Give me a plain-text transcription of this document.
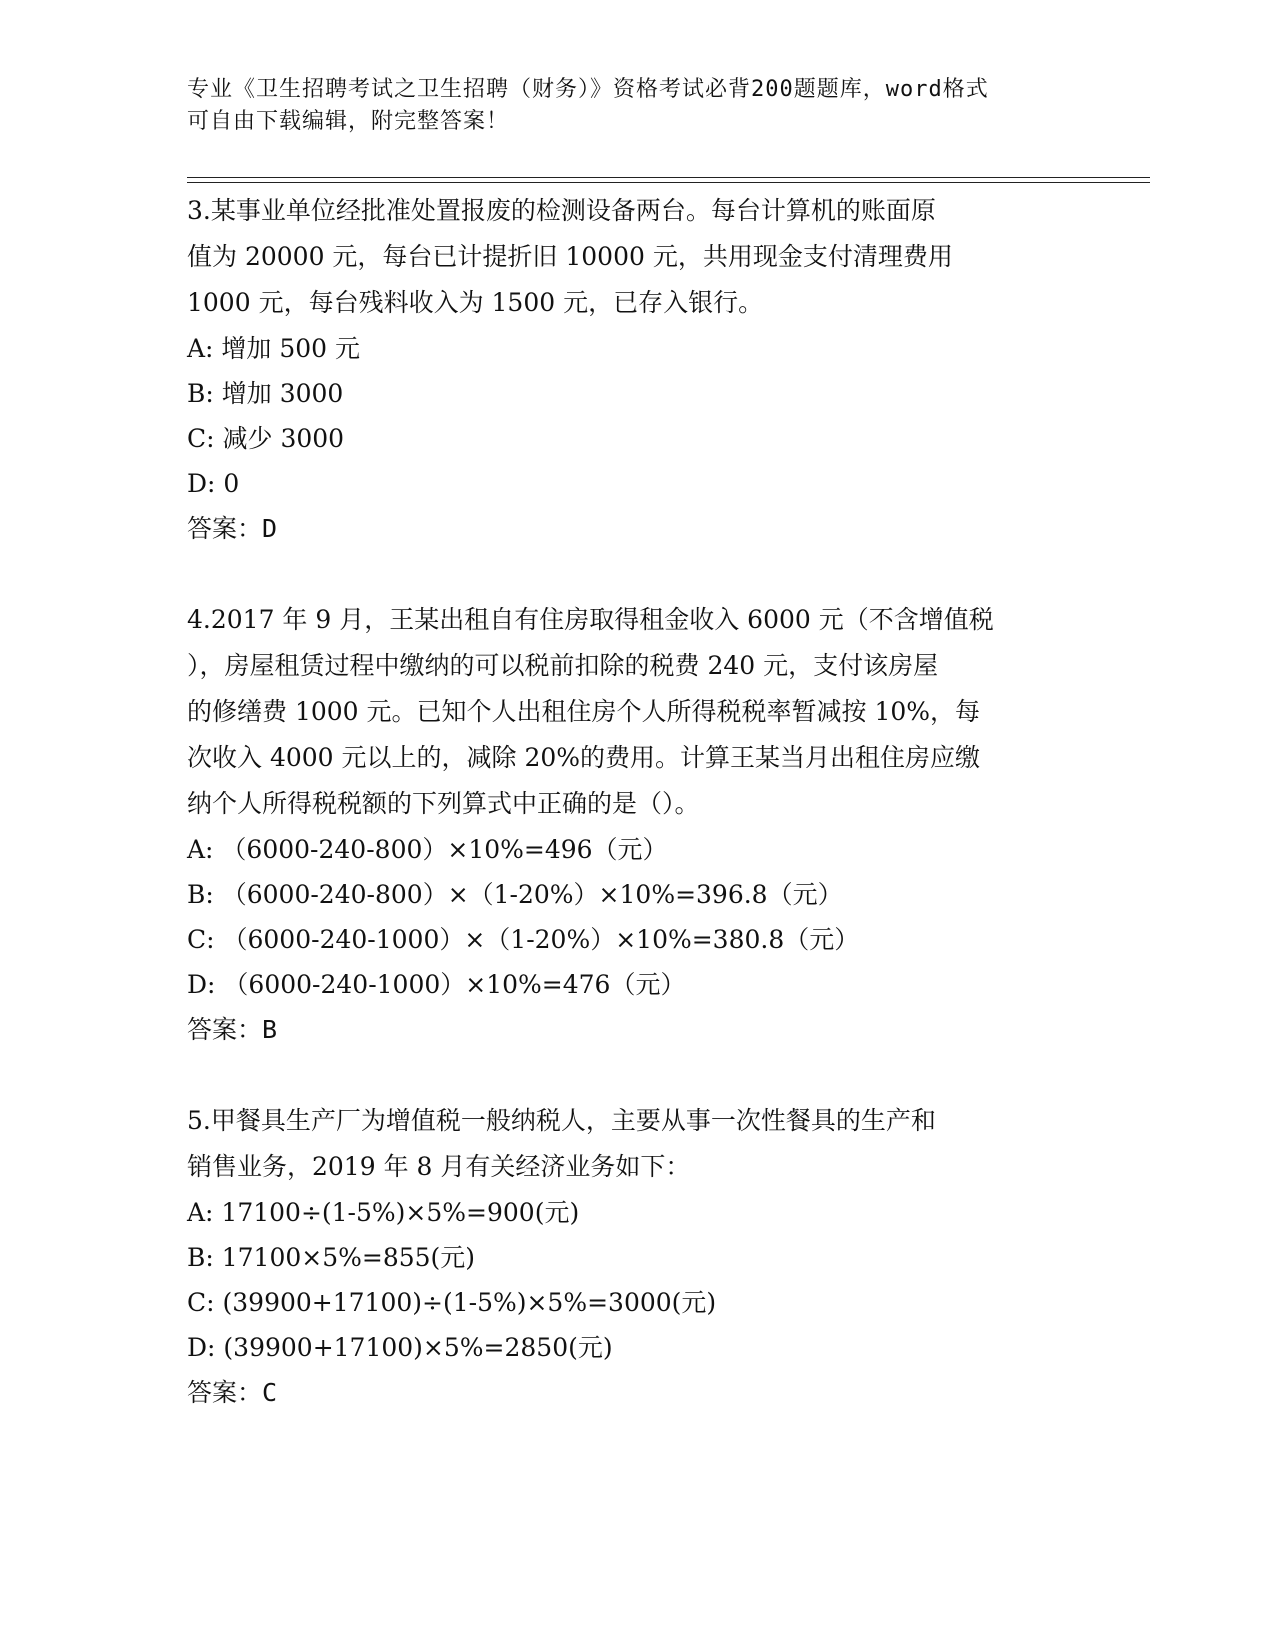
专业《卫生招聘考试之卫生招聘（财务）》资格考试必背200题题库，word格式

可自由下载编辑，附完整答案！

3.某事业单位经批准处置报废的检测设备两台。每台计算机的账面原

值为 20000 元，每台已计提折旧 10000 元，共用现金支付清理费用

1000 元，每台残料收入为 1500 元，已存入银行。

A: 增加 500 元

B: 增加 3000

C: 减少 3000

D: 0

答案：D

4.2017 年 9 月，王某出租自有住房取得租金收入 6000 元（不含增值税

），房屋租赁过程中缴纳的可以税前扣除的税费 240 元，支付该房屋

的修缮费 1000 元。已知个人出租住房个人所得税税率暂减按 10%，每

次收入 4000 元以上的，减除 20%的费用。计算王某当月出租住房应缴

纳个人所得税税额的下列算式中正确的是（）。

A: （6000-240-800）×10%=496（元）

B: （6000-240-800）×（1-20%）×10%=396.8（元）

C: （6000-240-1000）×（1-20%）×10%=380.8（元）

D: （6000-240-1000）×10%=476（元）

答案：B

5.甲餐具生产厂为增值税一般纳税人，主要从事一次性餐具的生产和

销售业务，2019 年 8 月有关经济业务如下：

A: 17100÷(1-5%)×5%=900(元)

B: 17100×5%=855(元)

C: (39900+17100)÷(1-5%)×5%=3000(元)

D: (39900+17100)×5%=2850(元)

答案：C
